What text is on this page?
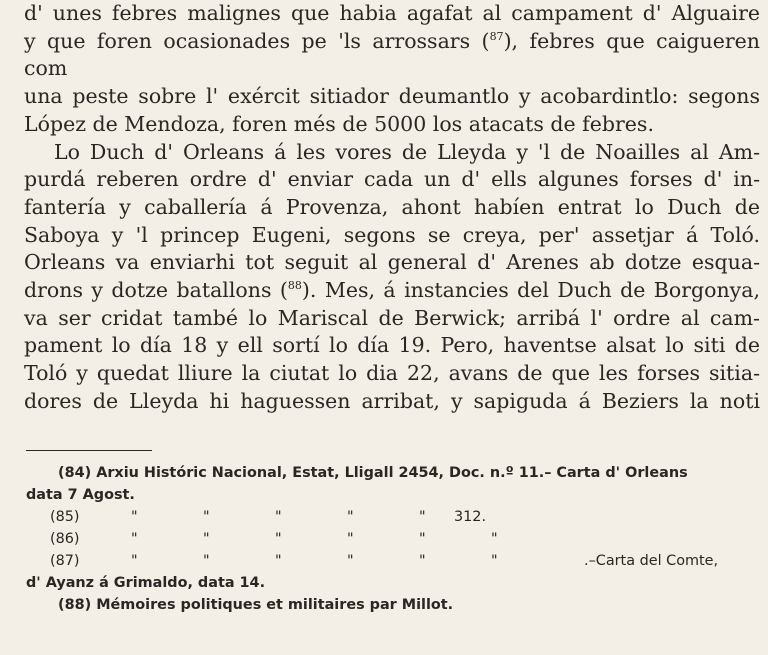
d' unes febres malignes que habia agafat al campament d' Alguaire
y que foren ocasionades pe 'ls arrossars ($^{87}$), febres que caigueren com
una peste sobre l' exércit sitiador deumantlo y acobardintlo: segons
López de Mendoza, foren més de 5000 los atacats de febres.
Lo Duch d' Orleans á les vores de Lleyda y 'l de Noailles al Am-
purdá reberen ordre d' enviar cada un d' ells algunes forses d' in-
fantería y caballería á Provenza, ahont habíen entrat lo Duch de
Saboya y 'l princep Eugeni, segons se creya, per' assetjar á Toló.
Orleans va enviarhi tot seguit al general d' Arenes ab dotze esqua-
drons y dotze batallons ($^{88}$). Mes, á instancies del Duch de Borgonya,
va ser cridat també lo Mariscal de Berwick; arribá l' ordre al cam-
pament lo día 18 y ell sortí lo día 19. Pero, haventse alsat lo siti de
Toló y quedat lliure la ciutat lo dia 22, avans de que les forses sitia-
dores de Lleyda hi haguessen arribat, y sapiguda á Beziers la noti
(84) Arxiu Históric Nacional, Estat, Lligall 2454, Doc. n.º 11.– Carta d' Orleans
data 7 Agost.
(85)	"	"	"	"	"	312.
(86)	"	"	"	"	"	"
(87)	"	"	"	"	"	"	.–Carta del Comte,
d' Ayanz á Grimaldo, data 14.
(88) Mémoires politiques et militaires par Millot.
